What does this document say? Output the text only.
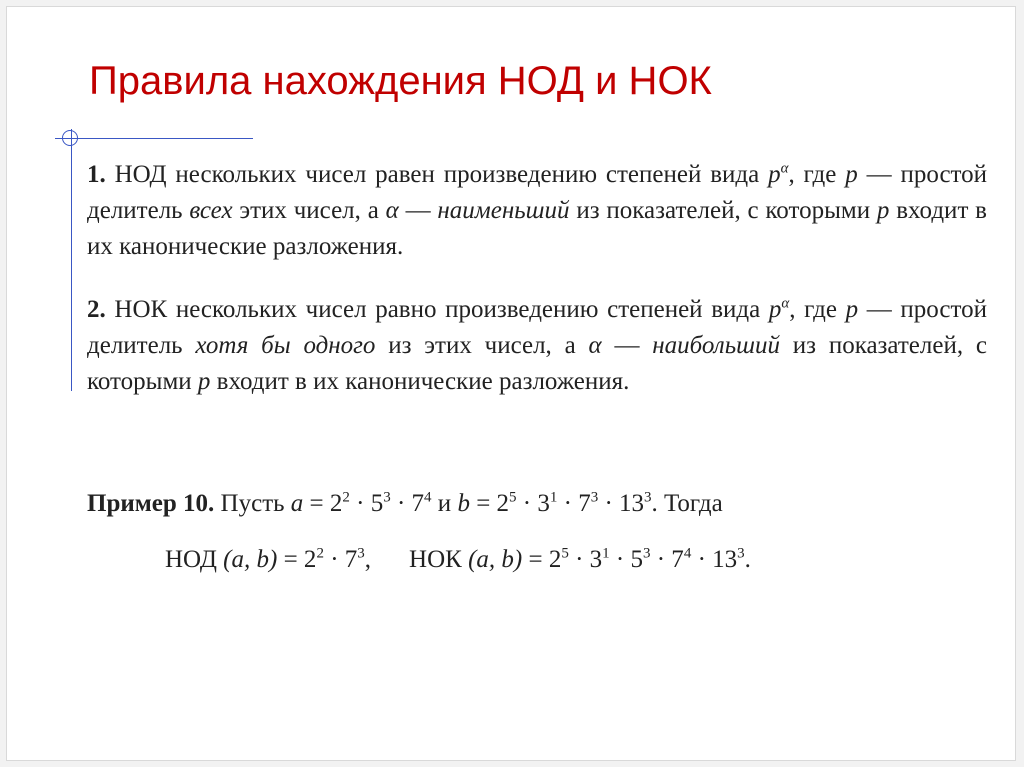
Правила нахождения НОД и НОК

1. НОД нескольких чисел равен произведению степеней вида $p^\alpha$, где p — простой делитель всех этих чисел, а α — наименьший из показателей, с которыми p входит в их канонические разложения.

2. НОК нескольких чисел равно произведению степеней вида $p^\alpha$, где p — простой делитель хотя бы одного из этих чисел, а α — наибольший из показателей, с которыми p входит в их канонические разложения.

Пример 10. Пусть $a = 2^2 \cdot 5^3 \cdot 7^4$ и $b = 2^5 \cdot 3^1 \cdot 7^3 \cdot 13^3$. Тогда

НОД (a, $b) = 2^2 \cdot 7^3$, НОК (a, $b) = 2^5 \cdot 3^1 \cdot 5^3 \cdot 7^4 \cdot 13^3$.
